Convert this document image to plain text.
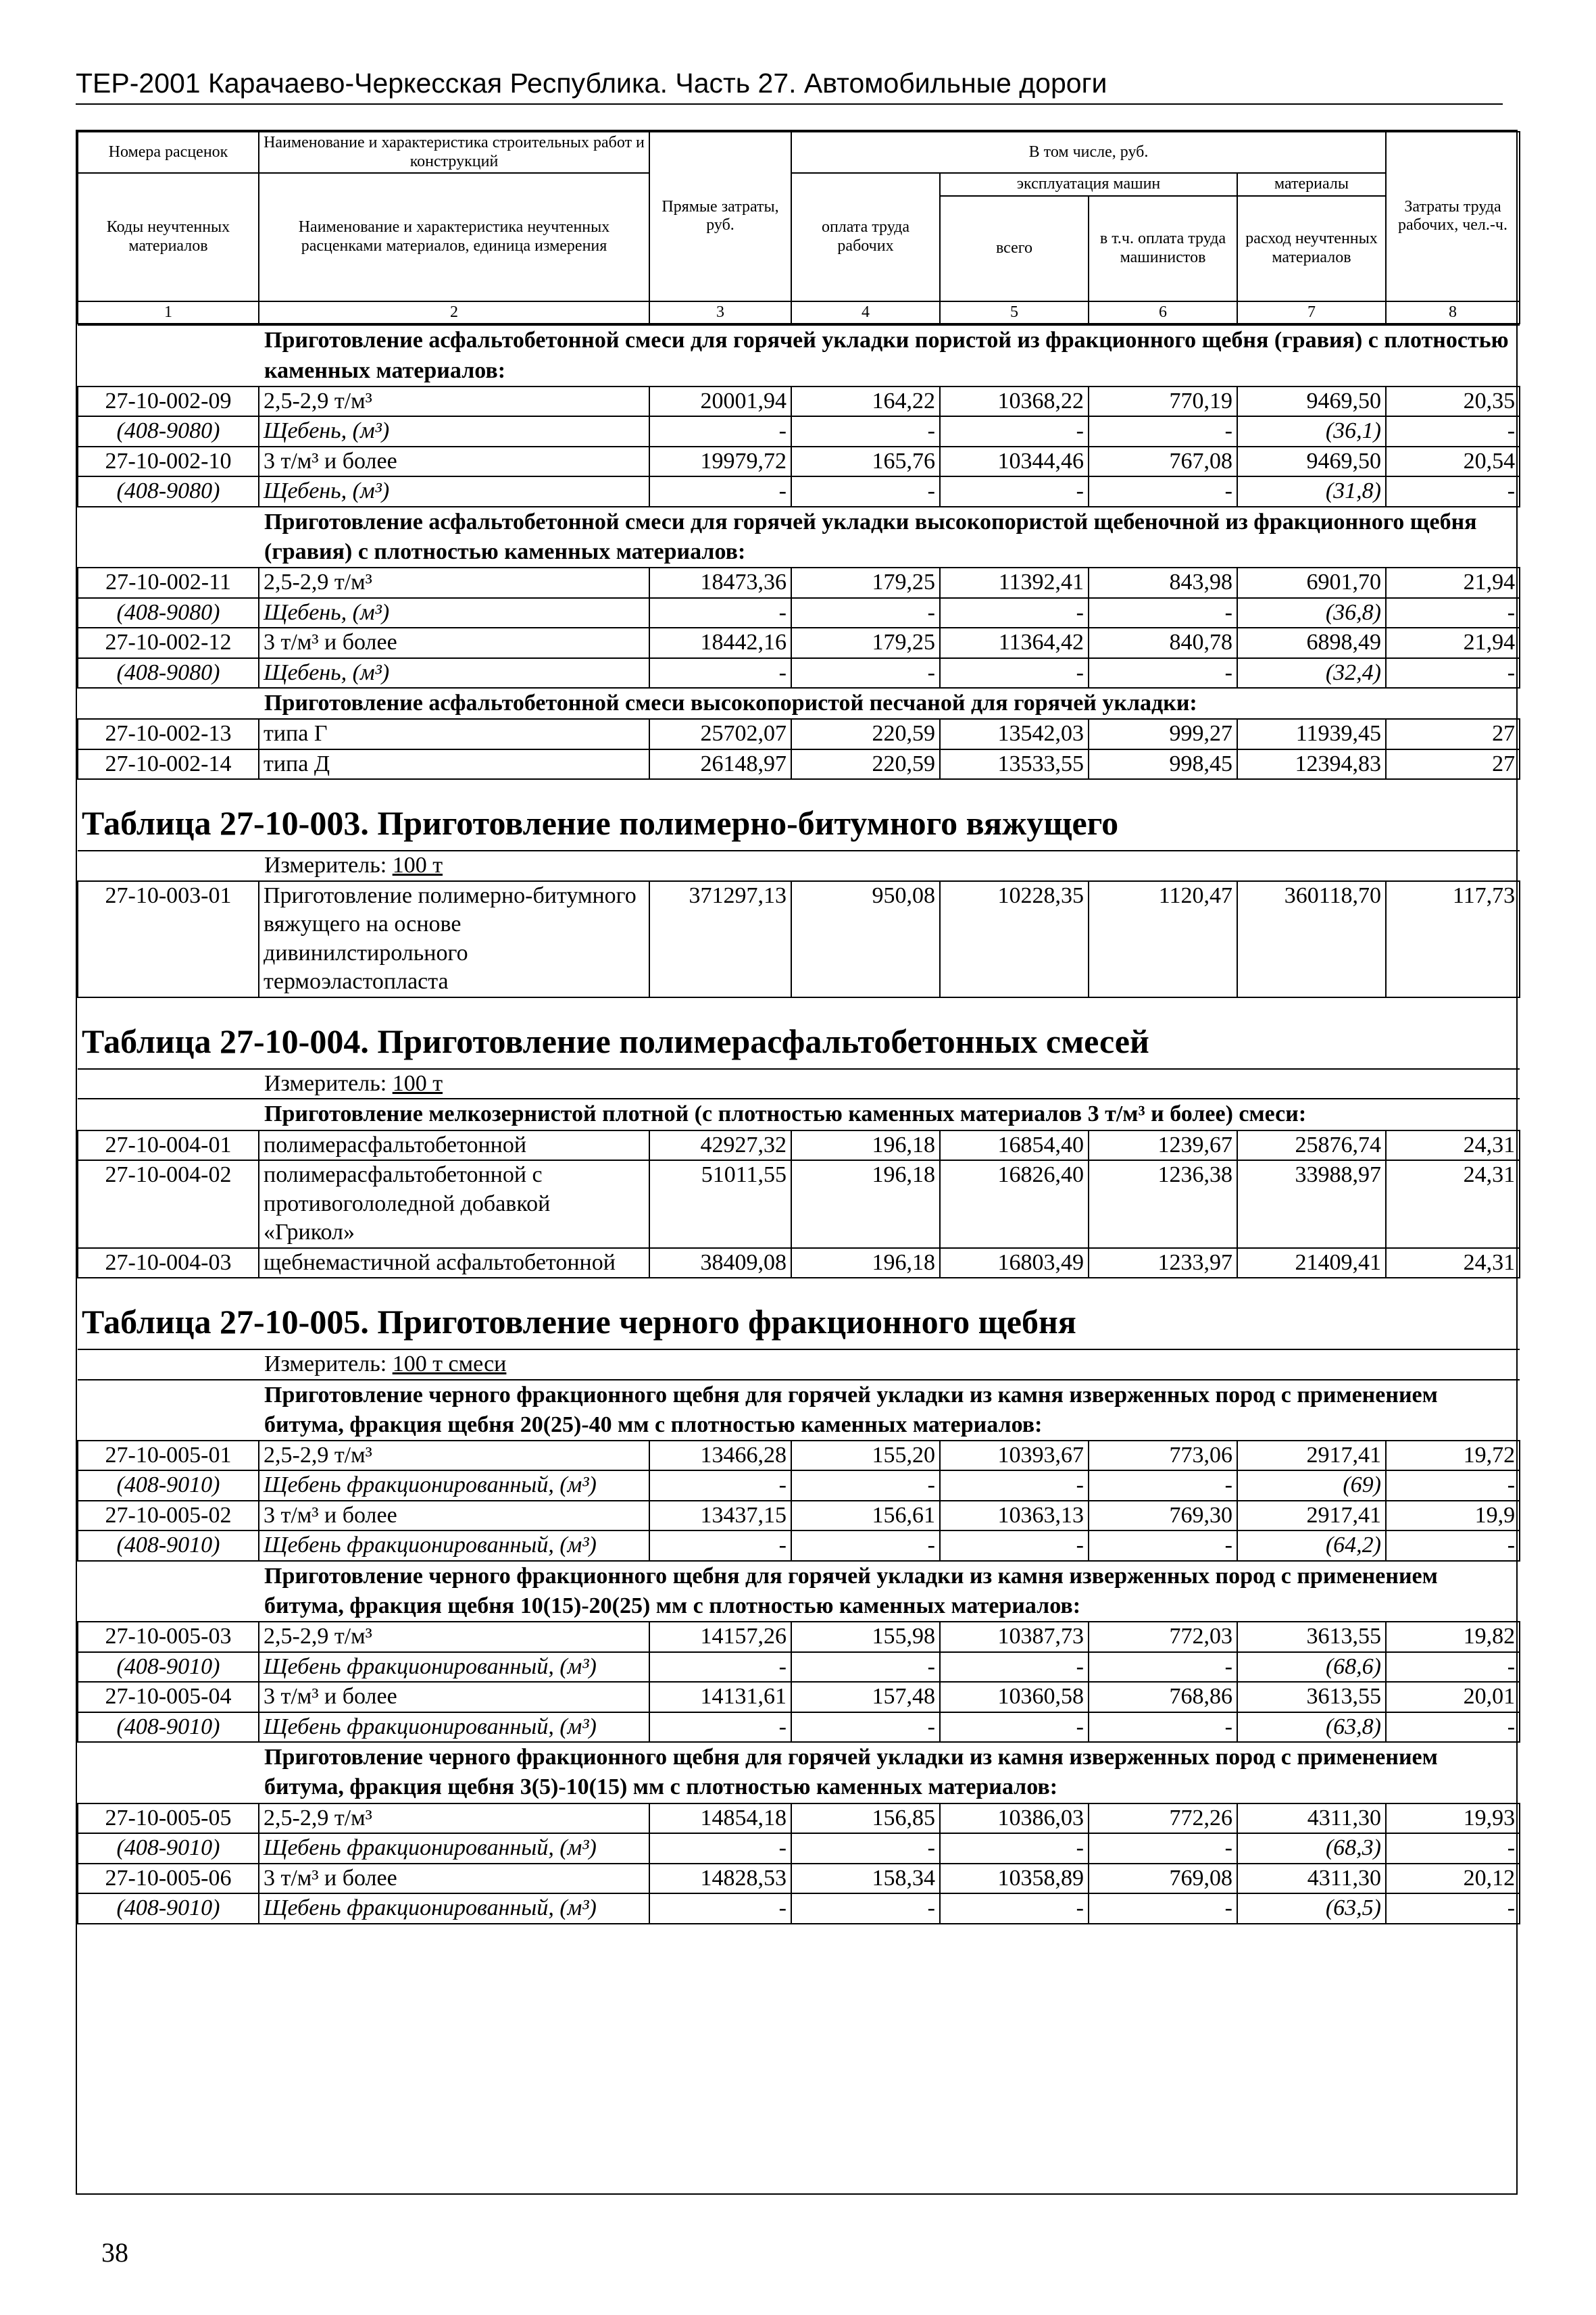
ТЕР-2001 Карачаево-Черкесская Республика. Часть 27. Автомобильные дороги
Номера расценок	Наименование и характеристика строительных работ и конструкций	Прямые затраты, руб.	В том числе, руб.				Затраты труда рабочих, чел.-ч.
Коды неучтенных материалов	Наименование и характеристика неучтенных расценками материалов, единица измерения		оплата труда рабочих	эксплуатация машин		материалы	
				всего	в т.ч. оплата труда машинистов	расход неучтенных материалов	

1	2	3	4	5	6	7	8
Приготовление асфальтобетонной смеси для горячей укладки пористой из фракционного щебня (гравия) с плотностью каменных материалов:							
27-10-002-09	2,5-2,9 т/м³	20001,94	164,22	10368,22	770,19	9469,50	20,35
(408-9080)	Щебень, (м³)	-	-	-	-	(36,1)	-
27-10-002-10	3 т/м³ и более	19979,72	165,76	10344,46	767,08	9469,50	20,54
(408-9080)	Щебень, (м³)	-	-	-	-	(31,8)	-
Приготовление асфальтобетонной смеси для горячей укладки высокопористой щебеночной из фракционного щебня (гравия) с плотностью каменных материалов:							
27-10-002-11	2,5-2,9 т/м³	18473,36	179,25	11392,41	843,98	6901,70	21,94
(408-9080)	Щебень, (м³)	-	-	-	-	(36,8)	-
27-10-002-12	3 т/м³ и более	18442,16	179,25	11364,42	840,78	6898,49	21,94
(408-9080)	Щебень, (м³)	-	-	-	-	(32,4)	-
Приготовление асфальтобетонной смеси высокопористой песчаной для горячей укладки:							
27-10-002-13	типа Г	25702,07	220,59	13542,03	999,27	11939,45	27
27-10-002-14	типа Д	26148,97	220,59	13533,55	998,45	12394,83	27
Таблица 27-10-003. Приготовление полимерно-битумного вяжущего							
Измеритель: 100 т							
27-10-003-01	Приготовление полимерно-битумного вяжущего на основе дивинилстирольного термоэластопласта	371297,13	950,08	10228,35	1120,47	360118,70	117,73
Таблица 27-10-004. Приготовление полимерасфальтобетонных смесей							
Измеритель: 100 т							
Приготовление мелкозернистой плотной (с плотностью каменных материалов 3 т/м³ и более) смеси:							
27-10-004-01	полимерасфальтобетонной	42927,32	196,18	16854,40	1239,67	25876,74	24,31
27-10-004-02	полимерасфальтобетонной с противогололедной добавкой «Грикол»	51011,55	196,18	16826,40	1236,38	33988,97	24,31
27-10-004-03	щебнемастичной асфальтобетонной	38409,08	196,18	16803,49	1233,97	21409,41	24,31
Таблица 27-10-005. Приготовление черного фракционного щебня							
Измеритель: 100 т смеси							
Приготовление черного фракционного щебня для горячей укладки из камня изверженных пород с применением битума, фракция щебня 20(25)-40 мм с плотностью каменных материалов:							
27-10-005-01	2,5-2,9 т/м³	13466,28	155,20	10393,67	773,06	2917,41	19,72
(408-9010)	Щебень фракционированный, (м³)	-	-	-	-	(69)	-
27-10-005-02	3 т/м³ и более	13437,15	156,61	10363,13	769,30	2917,41	19,9
(408-9010)	Щебень фракционированный, (м³)	-	-	-	-	(64,2)	-
Приготовление черного фракционного щебня для горячей укладки из камня изверженных пород с применением битума, фракция щебня 10(15)-20(25) мм с плотностью каменных материалов:							
27-10-005-03	2,5-2,9 т/м³	14157,26	155,98	10387,73	772,03	3613,55	19,82
(408-9010)	Щебень фракционированный, (м³)	-	-	-	-	(68,6)	-
27-10-005-04	3 т/м³ и более	14131,61	157,48	10360,58	768,86	3613,55	20,01
(408-9010)	Щебень фракционированный, (м³)	-	-	-	-	(63,8)	-
Приготовление черного фракционного щебня для горячей укладки из камня изверженных пород с применением битума, фракция щебня 3(5)-10(15) мм с плотностью каменных материалов:							
27-10-005-05	2,5-2,9 т/м³	14854,18	156,85	10386,03	772,26	4311,30	19,93
(408-9010)	Щебень фракционированный, (м³)	-	-	-	-	(68,3)	-
27-10-005-06	3 т/м³ и более	14828,53	158,34	10358,89	769,08	4311,30	20,12
(408-9010)	Щебень фракционированный, (м³)	-	-	-	-	(63,5)	-
38
